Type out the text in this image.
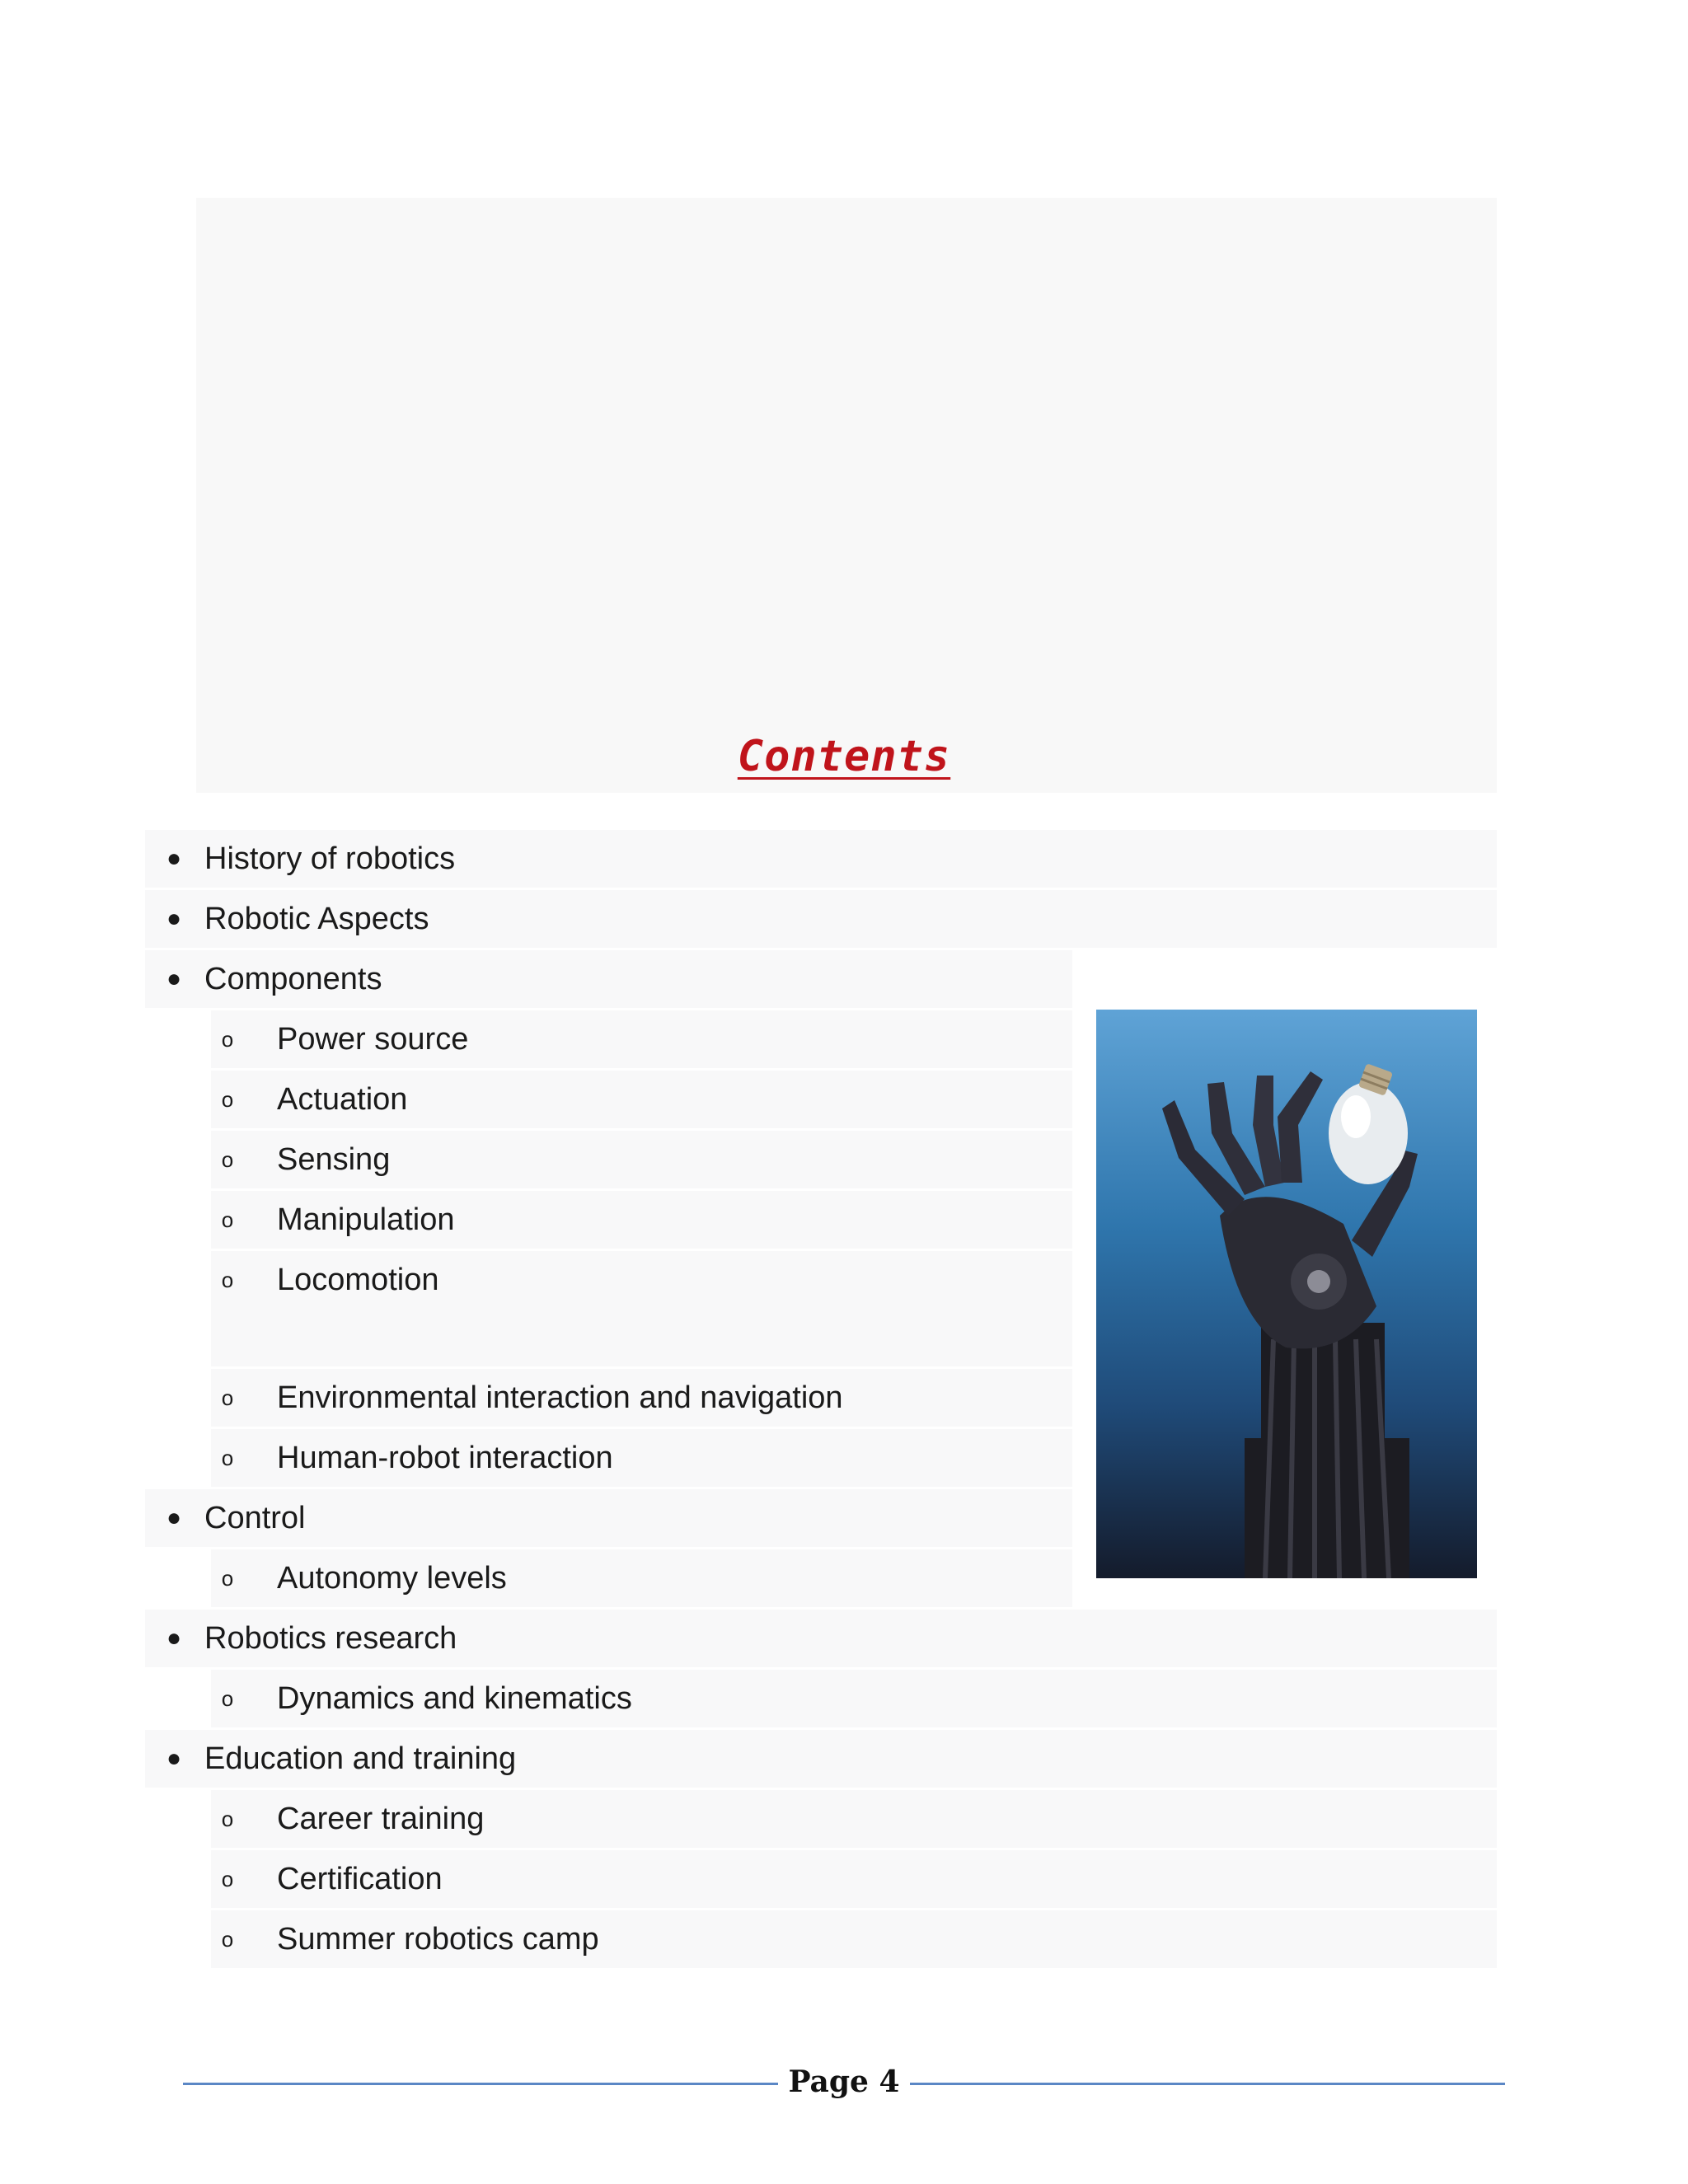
Contents
● History of robotics
● Robotic Aspects
● Components
o	Power source
o	Actuation
o	Sensing
o	Manipulation
o	Locomotion
o	Environmental interaction and navigation
o	Human-robot interaction
● Control
o	Autonomy levels
● Robotics research
o	Dynamics and kinematics
● Education and training
o	Career training
o	Certification
o	Summer robotics camp
Page 4
